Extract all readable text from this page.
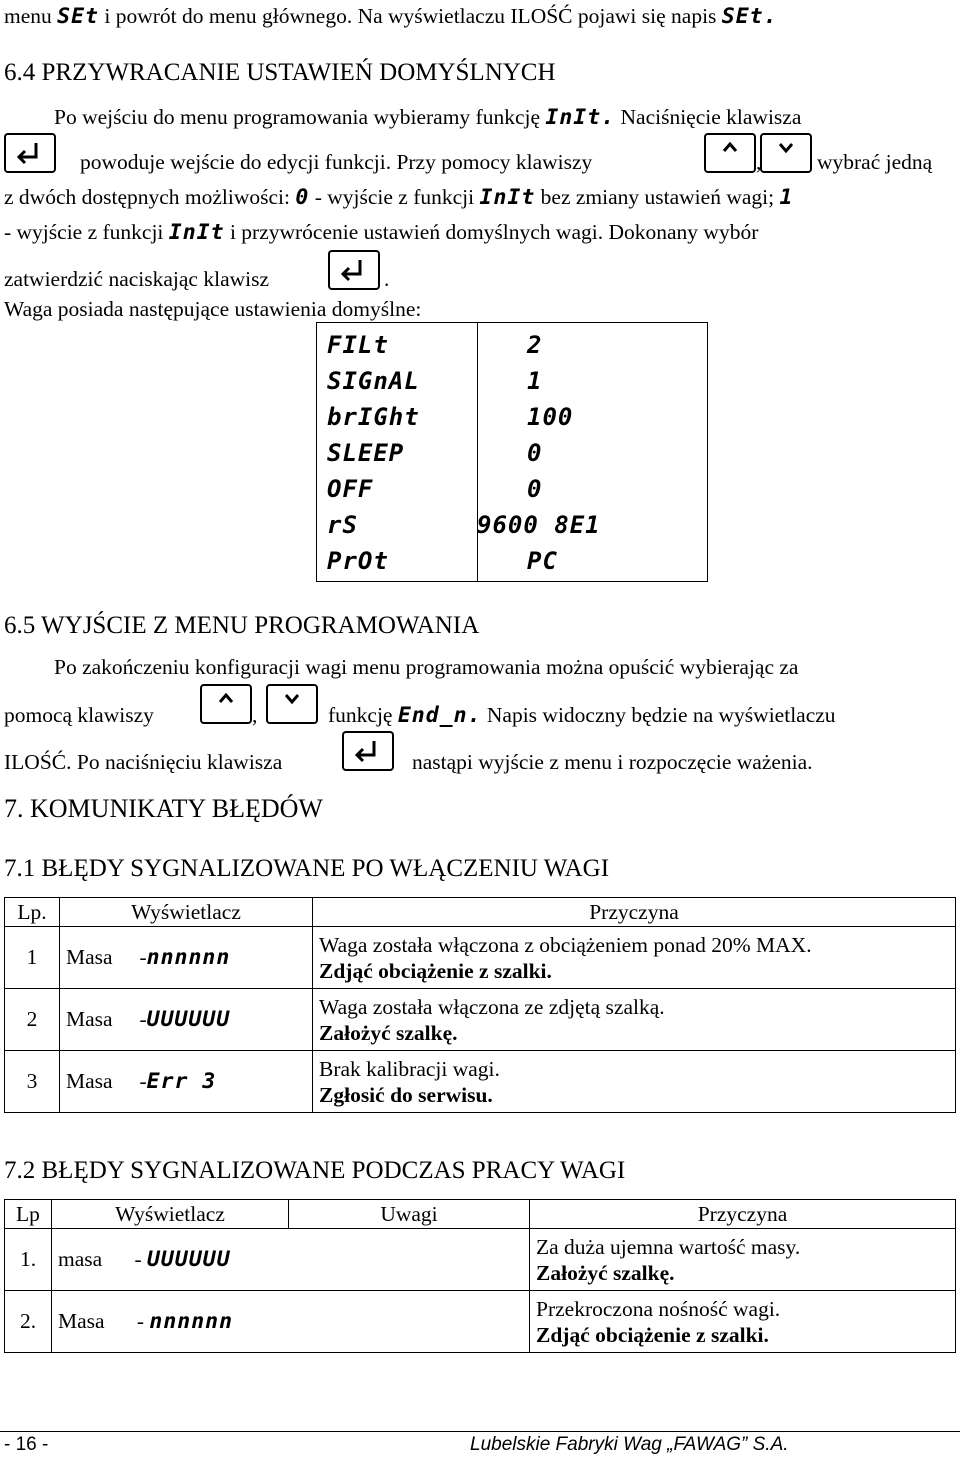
menu SEt i powrót do menu głównego. Na wyświetlaczu ILOŚĆ pojawi się napis SEt.
6.4 PRZYWRACANIE USTAWIEŃ DOMYŚLNYCH
Po wejściu do menu programowania wybieramy funkcję InIt. Naciśnięcie klawisza
powoduje wejście do edycji funkcji. Przy pomocy klawiszy	,	wybrać jedną
z dwóch dostępnych możliwości: 0 - wyjście z funkcji InIt bez zmiany ustawień wagi; 1
- wyjście z funkcji InIt i przywrócenie ustawień domyślnych wagi. Dokonany wybór
zatwierdzić naciskając klawisz	.
Waga posiada następujące ustawienia domyślne:
FILt	2
SIGnAL	1
brIGht	100
SLEEP	0
OFF	0
rS	9600 8E1
PrOt	PC
6.5 WYJŚCIE Z MENU PROGRAMOWANIA
Po zakończeniu konfiguracji wagi menu programowania można opuścić wybierając za
pomocą klawiszy	,	funkcję End_n. Napis widoczny będzie na wyświetlaczu
ILOŚĆ. Po naciśnięciu klawisza	nastąpi wyjście z menu i rozpoczęcie ważenia.
7. KOMUNIKATY BŁĘDÓW
7.1 BŁĘDY SYGNALIZOWANE PO WŁĄCZENIU WAGI
Lp.	Wyświetlacz	Przyczyna
1	Masa -nnnnnn	Waga została włączona z obciążeniem ponad 20% MAX.
Zdjąć obciążenie z szalki.

2	Masa -UUUUUU	Waga została włączona ze zdjętą szalką.
Założyć szalkę.

3	Masa -Err 3	Brak kalibracji wagi.
Zgłosić do serwisu.
7.2 BŁĘDY SYGNALIZOWANE PODCZAS PRACY WAGI
Lp	Wyświetlacz	Uwagi	Przyczyna
1.	masa - UUUUUU		Za duża ujemna wartość masy.
Założyć szalkę.

2.	Masa - nnnnnn		Przekroczona nośność wagi.
Zdjąć obciążenie z szalki.
- 16 -	Lubelskie Fabryki Wag „FAWAG” S.A.
